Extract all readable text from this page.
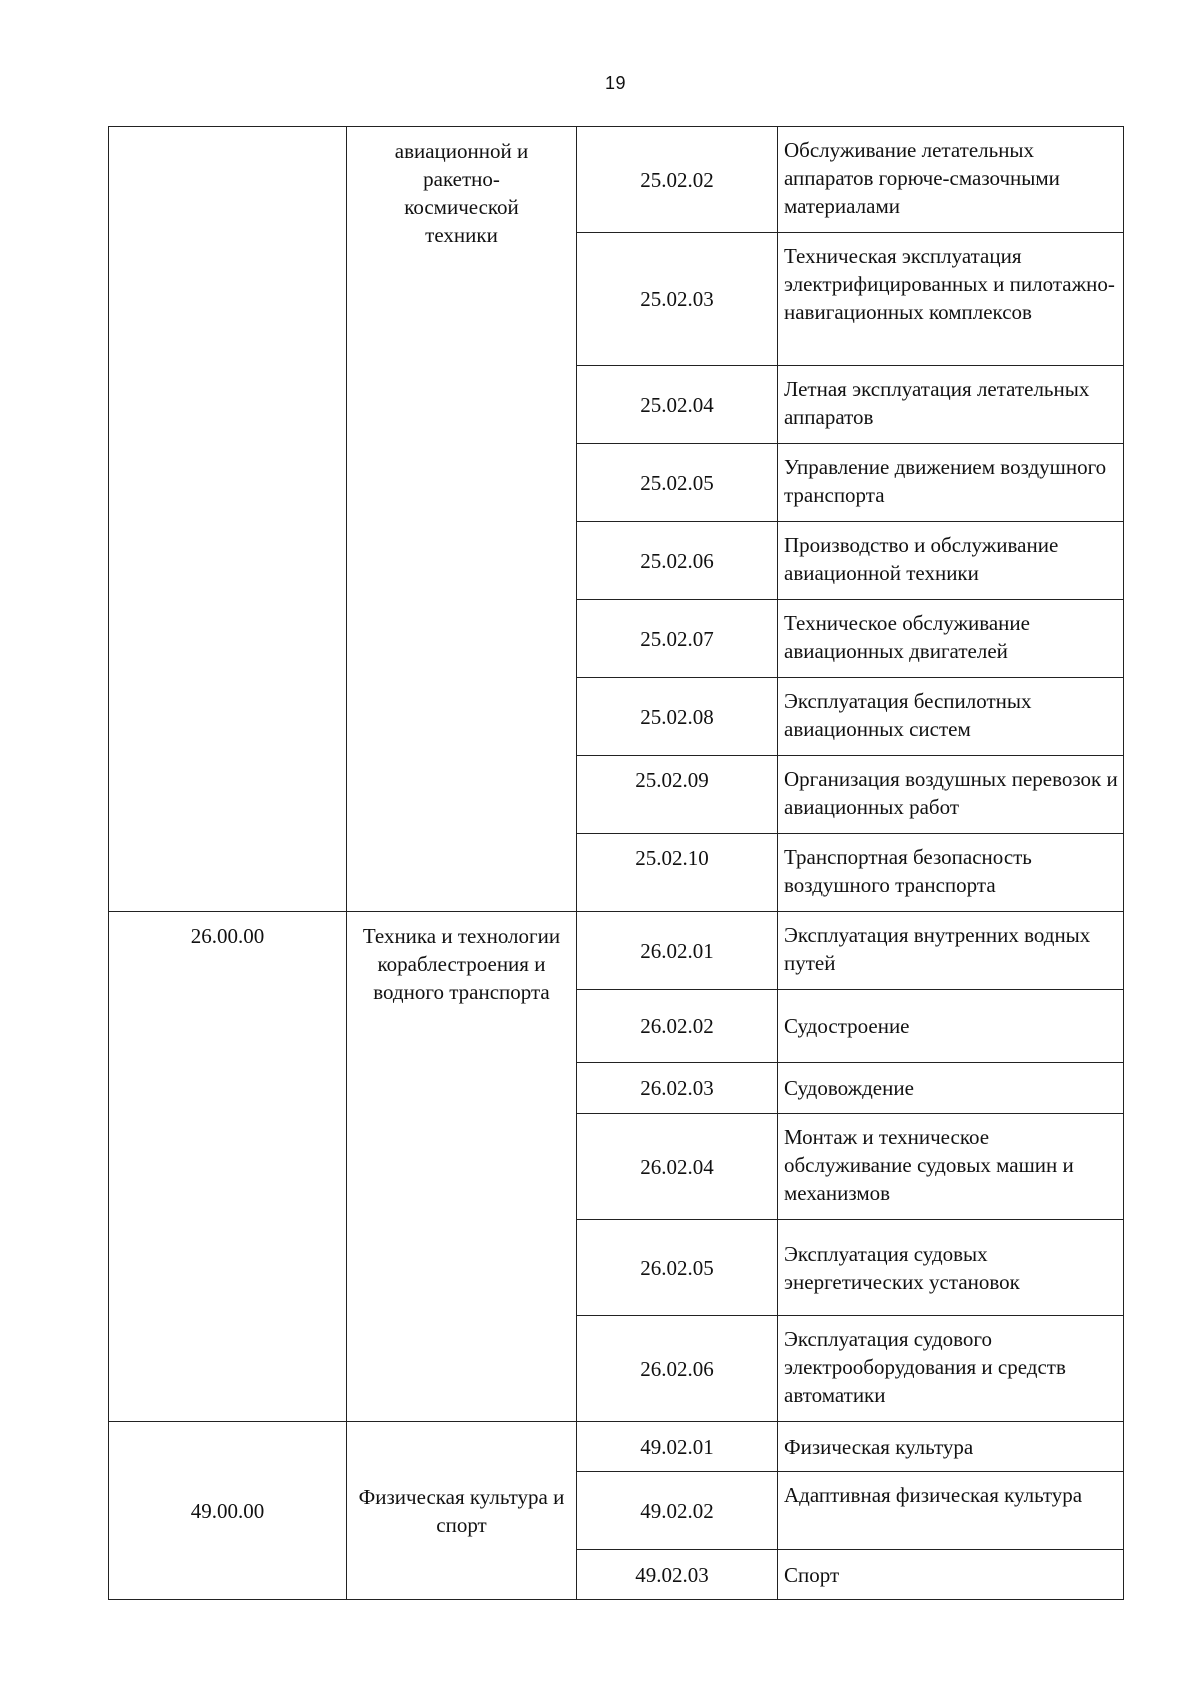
19

	авиационной и
ракетно-
космической
техники	25.02.02	Обслуживание летательных аппаратов горюче-смазочными материалами
		25.02.03	Техническая эксплуатация электрифицированных и пилотажно-навигационных комплексов
		25.02.04	Летная эксплуатация летательных аппаратов
		25.02.05	Управление движением воздушного транспорта
		25.02.06	Производство и обслуживание авиационной техники
		25.02.07	Техническое обслуживание авиационных двигателей
		25.02.08	Эксплуатация беспилотных авиационных систем
		25.02.09	Организация воздушных перевозок и авиационных работ
		25.02.10	Транспортная безопасность воздушного транспорта
26.00.00	Техника и технологии кораблестроения и водного транспорта	26.02.01	Эксплуатация внутренних водных путей
		26.02.02	Судостроение
		26.02.03	Судовождение
		26.02.04	Монтаж и техническое обслуживание судовых машин и механизмов
		26.02.05	Эксплуатация судовых энергетических установок
		26.02.06	Эксплуатация судового электрооборудования и средств автоматики
49.00.00	Физическая культура и спорт	49.02.01	Физическая культура
		49.02.02	Адаптивная физическая культура
		49.02.03	Спорт
